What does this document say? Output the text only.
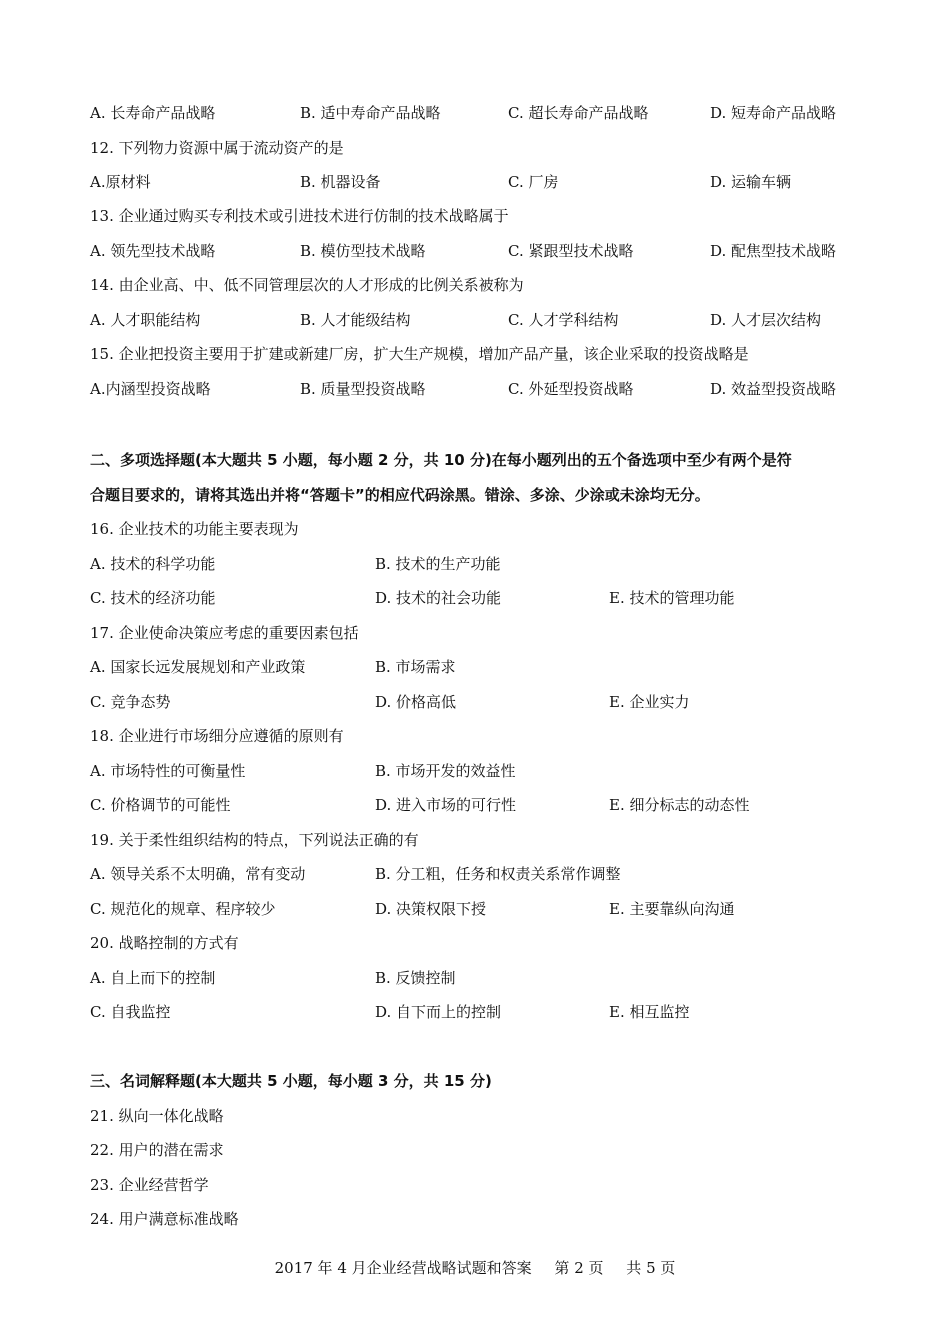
A. 长寿命产品战略	B. 适中寿命产品战略	C. 超长寿命产品战略	D. 短寿命产品战略
12. 下列物力资源中属于流动资产的是
A.原材料	B. 机器设备	C. 厂房	D. 运输车辆
13. 企业通过购买专利技术或引进技术进行仿制的技术战略属于
A. 领先型技术战略	B. 模仿型技术战略	C. 紧跟型技术战略	D. 配焦型技术战略
14. 由企业高、中、低不同管理层次的人才形成的比例关系被称为
A. 人才职能结构	B. 人才能级结构	C. 人才学科结构	D. 人才层次结构
15. 企业把投资主要用于扩建或新建厂房，扩大生产规模，增加产品产量，该企业采取的投资战略是
A.内涵型投资战略	B. 质量型投资战略	C. 外延型投资战略	D. 效益型投资战略
二、多项选择题(本大题共 5 小题，每小题 2 分，共 10 分)在每小题列出的五个备选项中至少有两个是符
合题目要求的，请将其选出并将“答题卡”的相应代码涂黑。错涂、多涂、少涂或未涂均无分。
16. 企业技术的功能主要表现为
A. 技术的科学功能	B. 技术的生产功能
C. 技术的经济功能	D. 技术的社会功能	E. 技术的管理功能
17. 企业使命决策应考虑的重要因素包括
A. 国家长远发展规划和产业政策	B. 市场需求
C. 竞争态势	D. 价格高低	E. 企业实力
18. 企业进行市场细分应遵循的原则有
A. 市场特性的可衡量性	B. 市场开发的效益性
C. 价格调节的可能性	D. 进入市场的可行性	E. 细分标志的动态性
19. 关于柔性组织结构的特点，下列说法正确的有
A. 领导关系不太明确，常有变动	B. 分工粗，任务和权责关系常作调整
C. 规范化的规章、程序较少	D. 决策权限下授	E. 主要靠纵向沟通
20. 战略控制的方式有
A. 自上而下的控制	B. 反馈控制
C. 自我监控	D. 自下而上的控制	E. 相互监控
三、名词解释题(本大题共 5 小题，每小题 3 分，共 15 分)
21. 纵向一体化战略
22. 用户的潜在需求
23. 企业经营哲学
24. 用户满意标准战略
2017 年 4 月企业经营战略试题和答案 第 2 页 共 5 页
